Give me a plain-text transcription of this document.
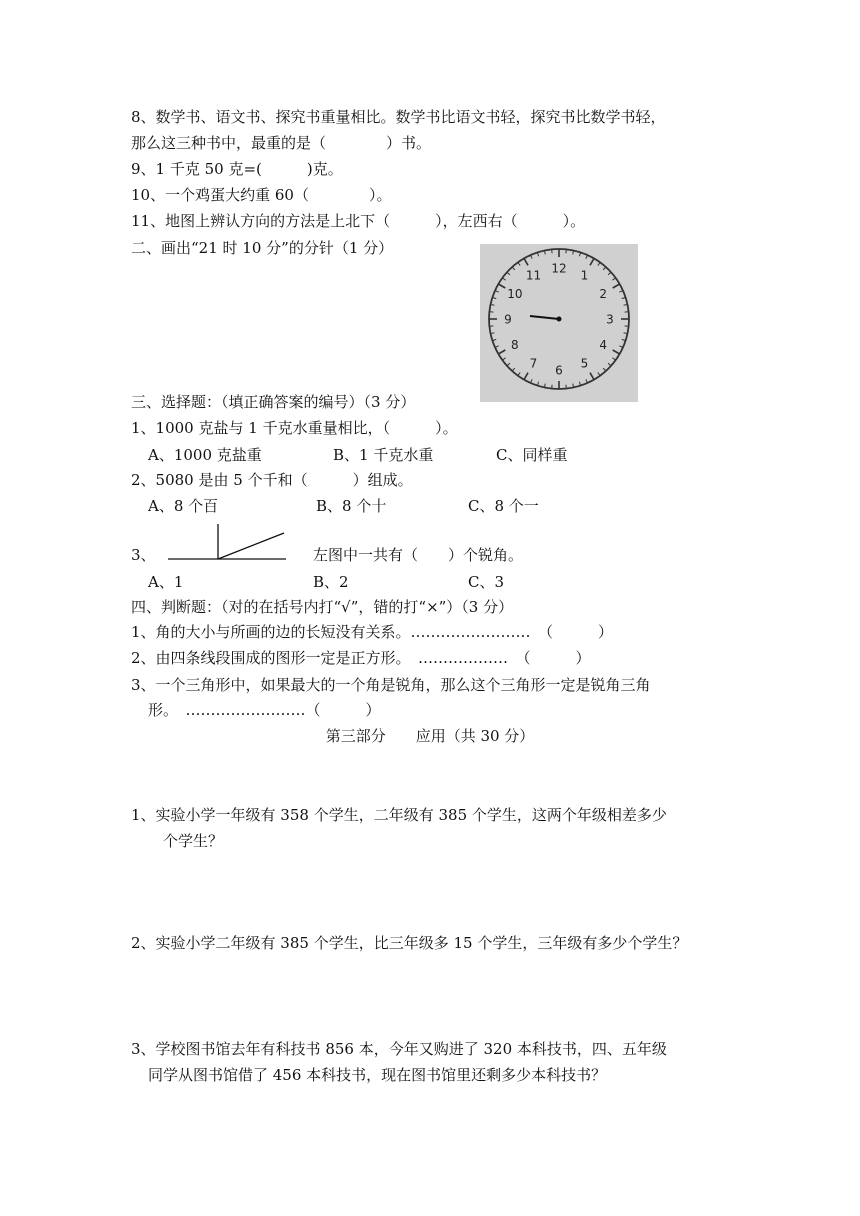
8、数学书、语文书、探究书重量相比。数学书比语文书轻，探究书比数学书轻，
那么这三种书中，最重的是（　　　　）书。
9、1 千克 50 克=(　　　)克。
10、一个鸡蛋大约重 60（　　　　）。
11、地图上辨认方向的方法是上北下（　　　），左西右（　　　）。
二、画出“21 时 10 分”的分针（1 分）
12 1
2
3
4
5
6
7
8
9
10
11
三、选择题：（填正确答案的编号）（3 分）
1、1000 克盐与 1 千克水重量相比，（　　　）。
A、1000 克盐重	B、1 千克水重	C、同样重
2、5080 是由 5 个千和（　　　）组成。
A、8 个百	B、8 个十	C、8 个一
3、	左图中一共有（　　）个锐角。
A、1	B、2	C、3
四、判断题：（对的在括号内打“√”，错的打“×”）（3 分）
1、角的大小与所画的边的长短没有关系。……………………　（　　　）
2、由四条线段围成的图形一定是正方形。　………………　（　　　）
3、一个三角形中，如果最大的一个角是锐角，那么这个三角形一定是锐角三角
形。　……………………（　　　）
第三部分　　应用（共 30 分）
1、实验小学一年级有 358 个学生，二年级有 385 个学生，这两个年级相差多少
个学生？
2、实验小学二年级有 385 个学生，比三年级多 15 个学生，三年级有多少个学生？
3、学校图书馆去年有科技书 856 本，今年又购进了 320 本科技书，四、五年级
同学从图书馆借了 456 本科技书，现在图书馆里还剩多少本科技书？
